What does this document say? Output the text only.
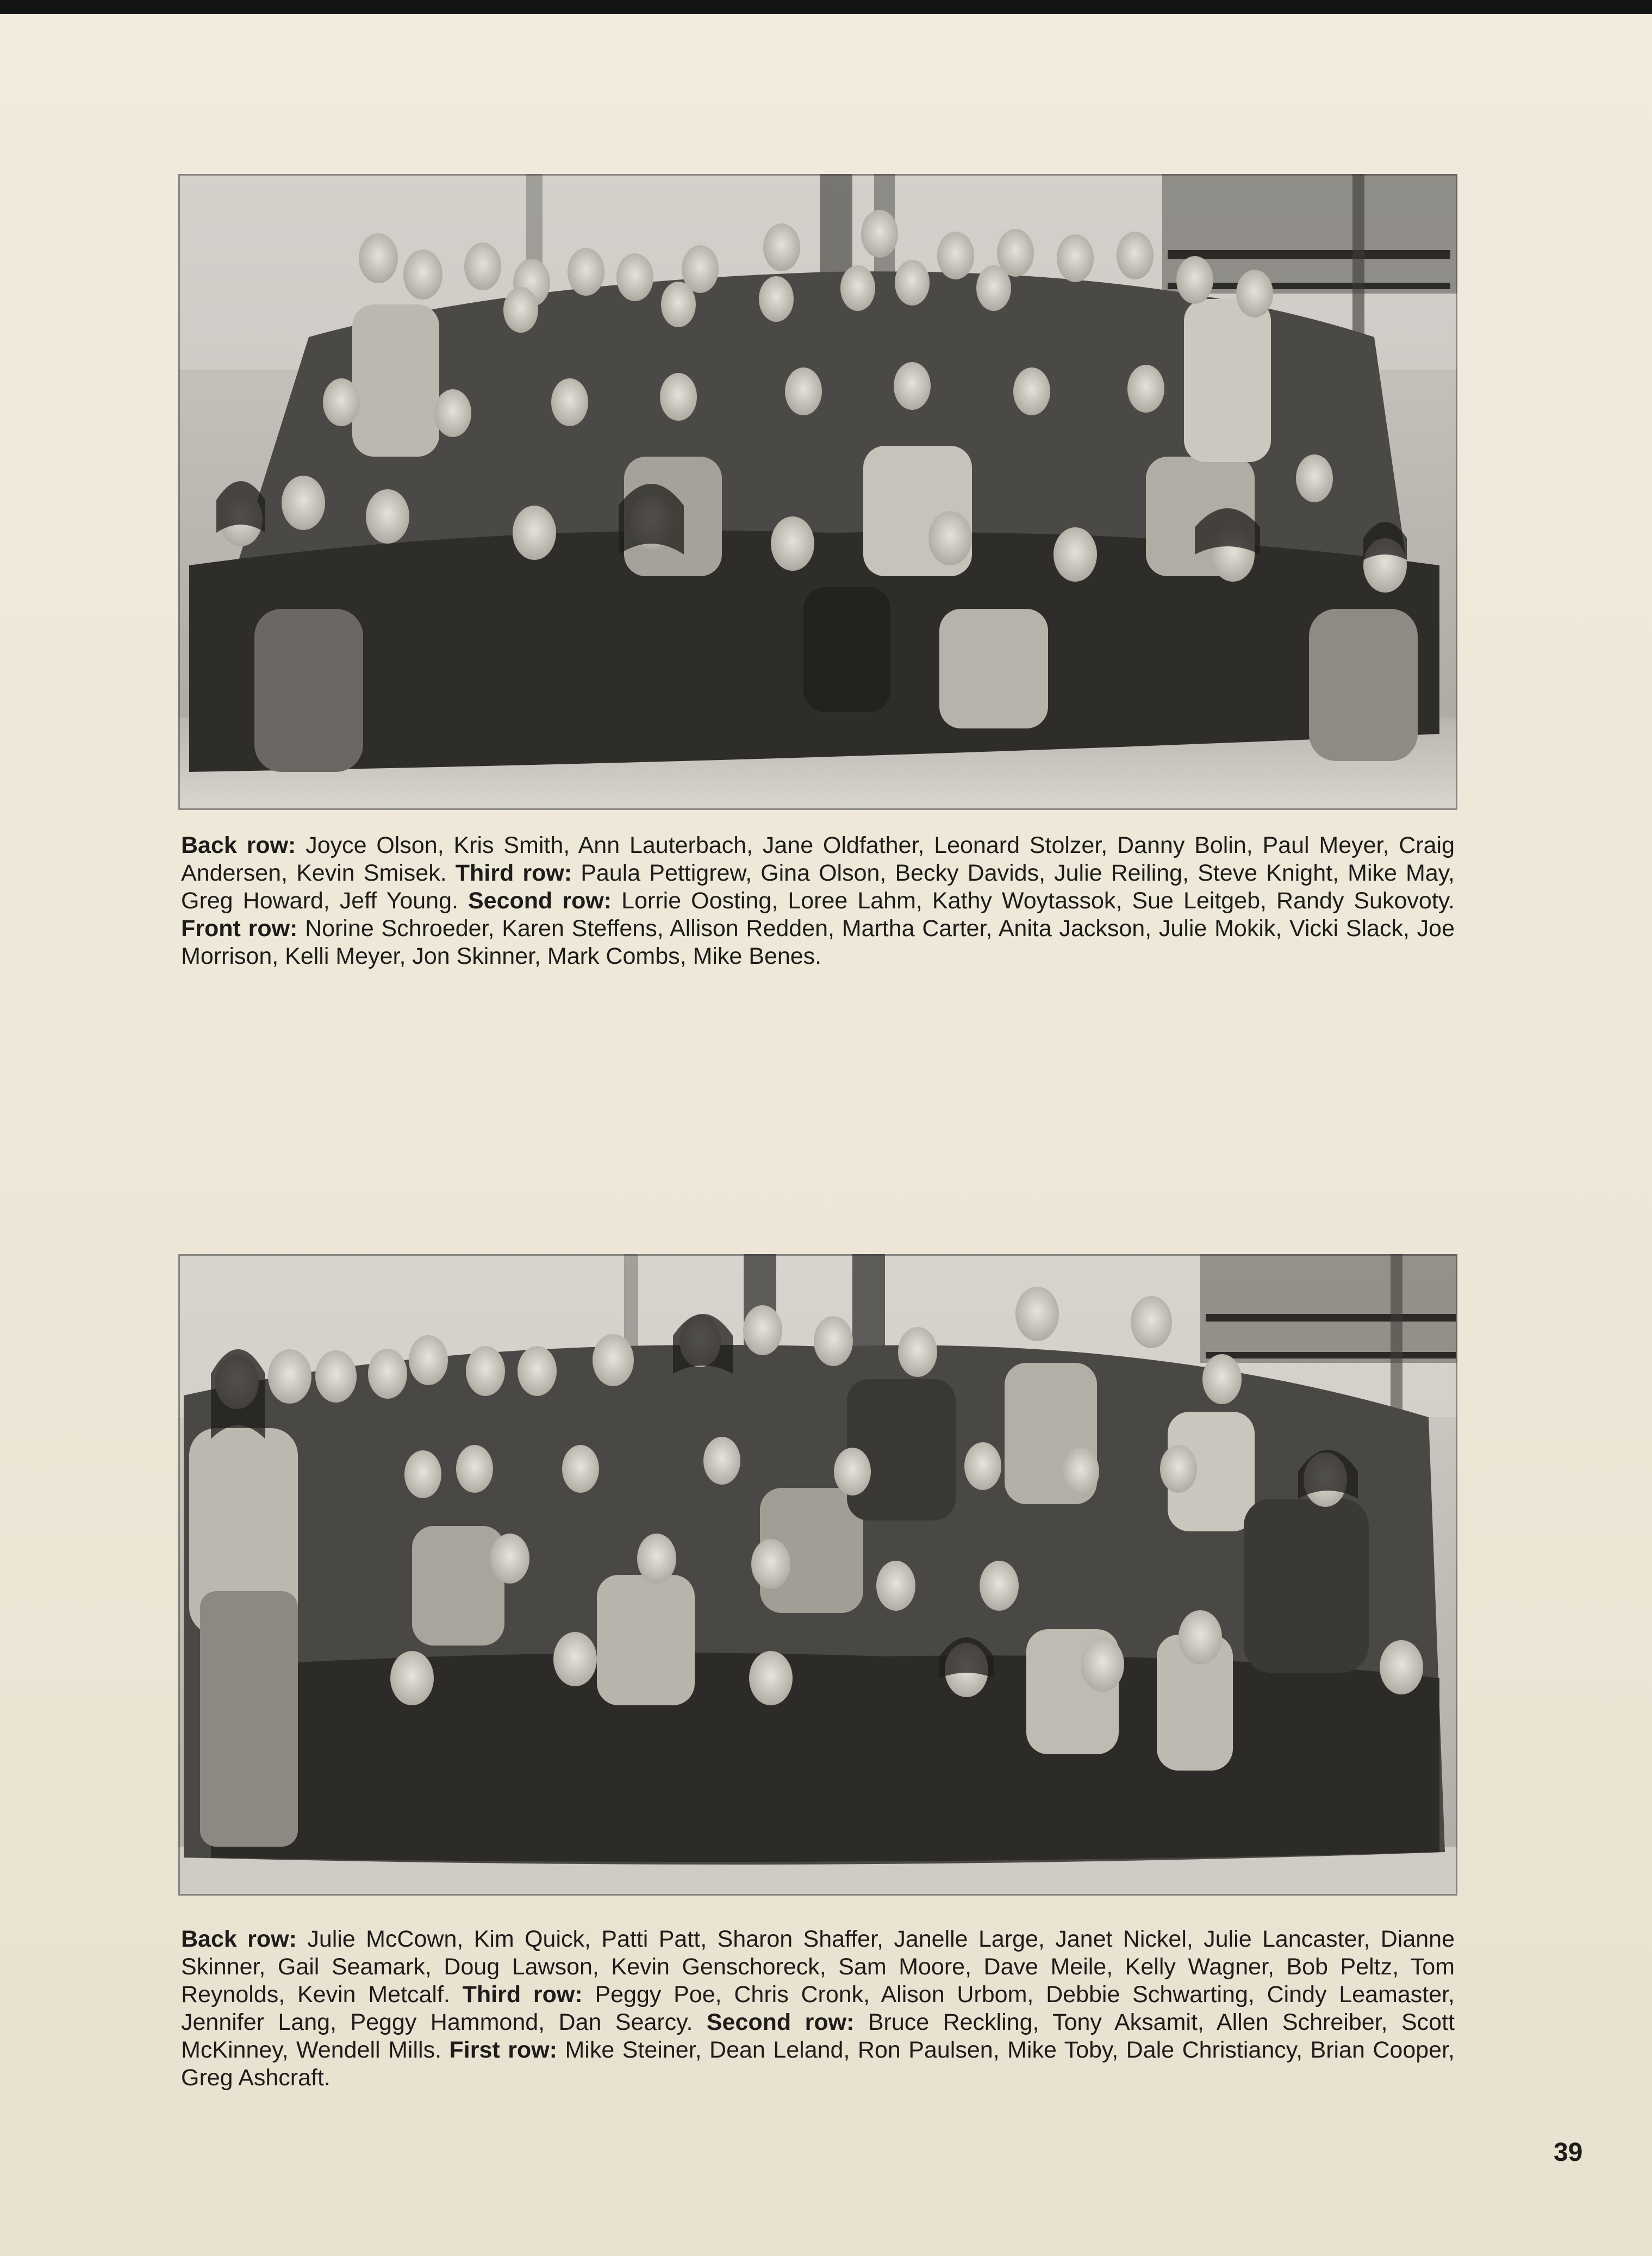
Back row: Joyce Olson, Kris Smith, Ann Lauterbach, Jane Oldfather, Leonard Stolzer, Danny Bolin, Paul Meyer, Craig Andersen, Kevin Smisek. Third row: Paula Pettigrew, Gina Olson, Becky Davids, Julie Reiling, Steve Knight, Mike May, Greg Howard, Jeff Young. Second row: Lorrie Oosting, Loree Lahm, Kathy Woytassok, Sue Leitgeb, Randy Sukovoty. Front row: Norine Schroeder, Karen Steffens, Allison Redden, Martha Carter, Anita Jackson, Julie Mokik, Vicki Slack, Joe Morrison, Kelli Meyer, Jon Skinner, Mark Combs, Mike Benes.

Back row: Julie McCown, Kim Quick, Patti Patt, Sharon Shaffer, Janelle Large, Janet Nickel, Julie Lancaster, Dianne Skinner, Gail Seamark, Doug Lawson, Kevin Genschoreck, Sam Moore, Dave Meile, Kelly Wagner, Bob Peltz, Tom Reynolds, Kevin Metcalf. Third row: Peggy Poe, Chris Cronk, Alison Urbom, Debbie Schwarting, Cindy Leamaster, Jennifer Lang, Peggy Hammond, Dan Searcy. Second row: Bruce Reckling, Tony Aksamit, Allen Schreiber, Scott McKinney, Wendell Mills. First row: Mike Steiner, Dean Leland, Ron Paulsen, Mike Toby, Dale Christiancy, Brian Cooper, Greg Ashcraft.

39
